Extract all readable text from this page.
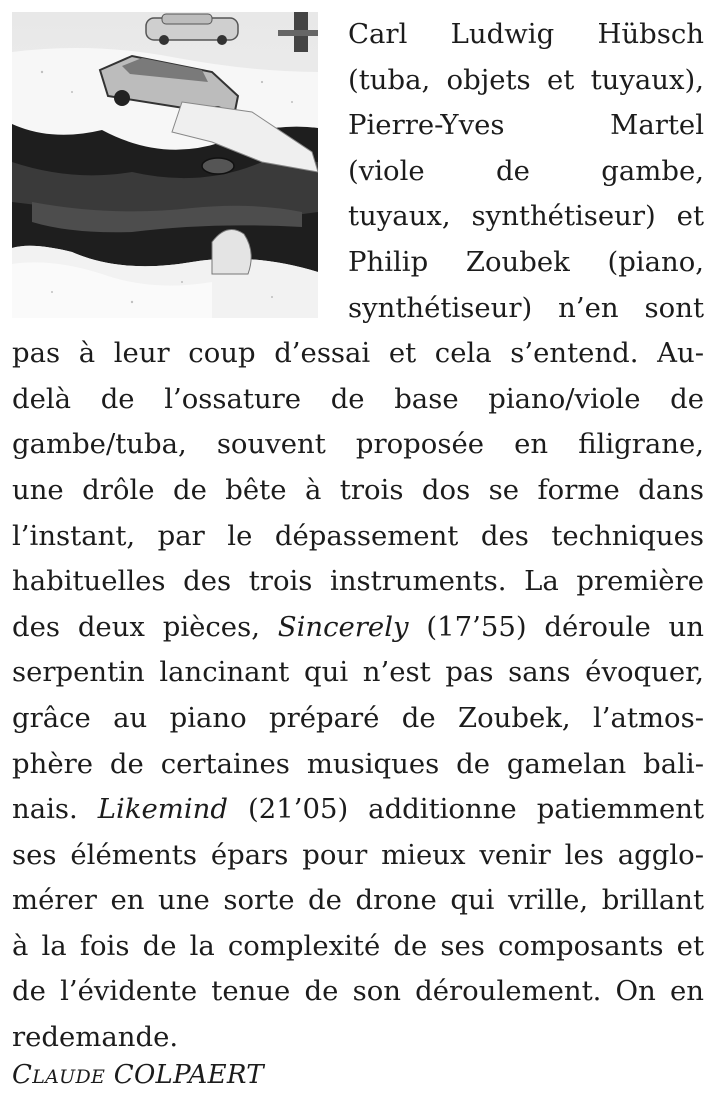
Carl Ludwig Hübsch
(tuba, objets et tuyaux),
Pierre-Yves Martel
(viole de gambe,
tuyaux, synthétiseur) et
Philip Zoubek (piano,
synthétiseur) n’en sont
pas à leur coup d’essai et cela s’entend. Au-
delà de l’ossature de base piano/viole de
gambe/tuba, souvent proposée en filigrane,
une drôle de bête à trois dos se forme dans
l’instant, par le dépassement des techniques
habituelles des trois instruments. La première
des deux pièces, Sincerely (17’55) déroule un
serpentin lancinant qui n’est pas sans évoquer,
grâce au piano préparé de Zoubek, l’atmos-
phère de certaines musiques de gamelan bali-
nais. Likemind (21’05) additionne patiemment
ses éléments épars pour mieux venir les agglo-
mérer en une sorte de drone qui vrille, brillant
à la fois de la complexité de ses composants et
de l’évidente tenue de son déroulement. On en
redemande.
CLAUDE COLPAERT
